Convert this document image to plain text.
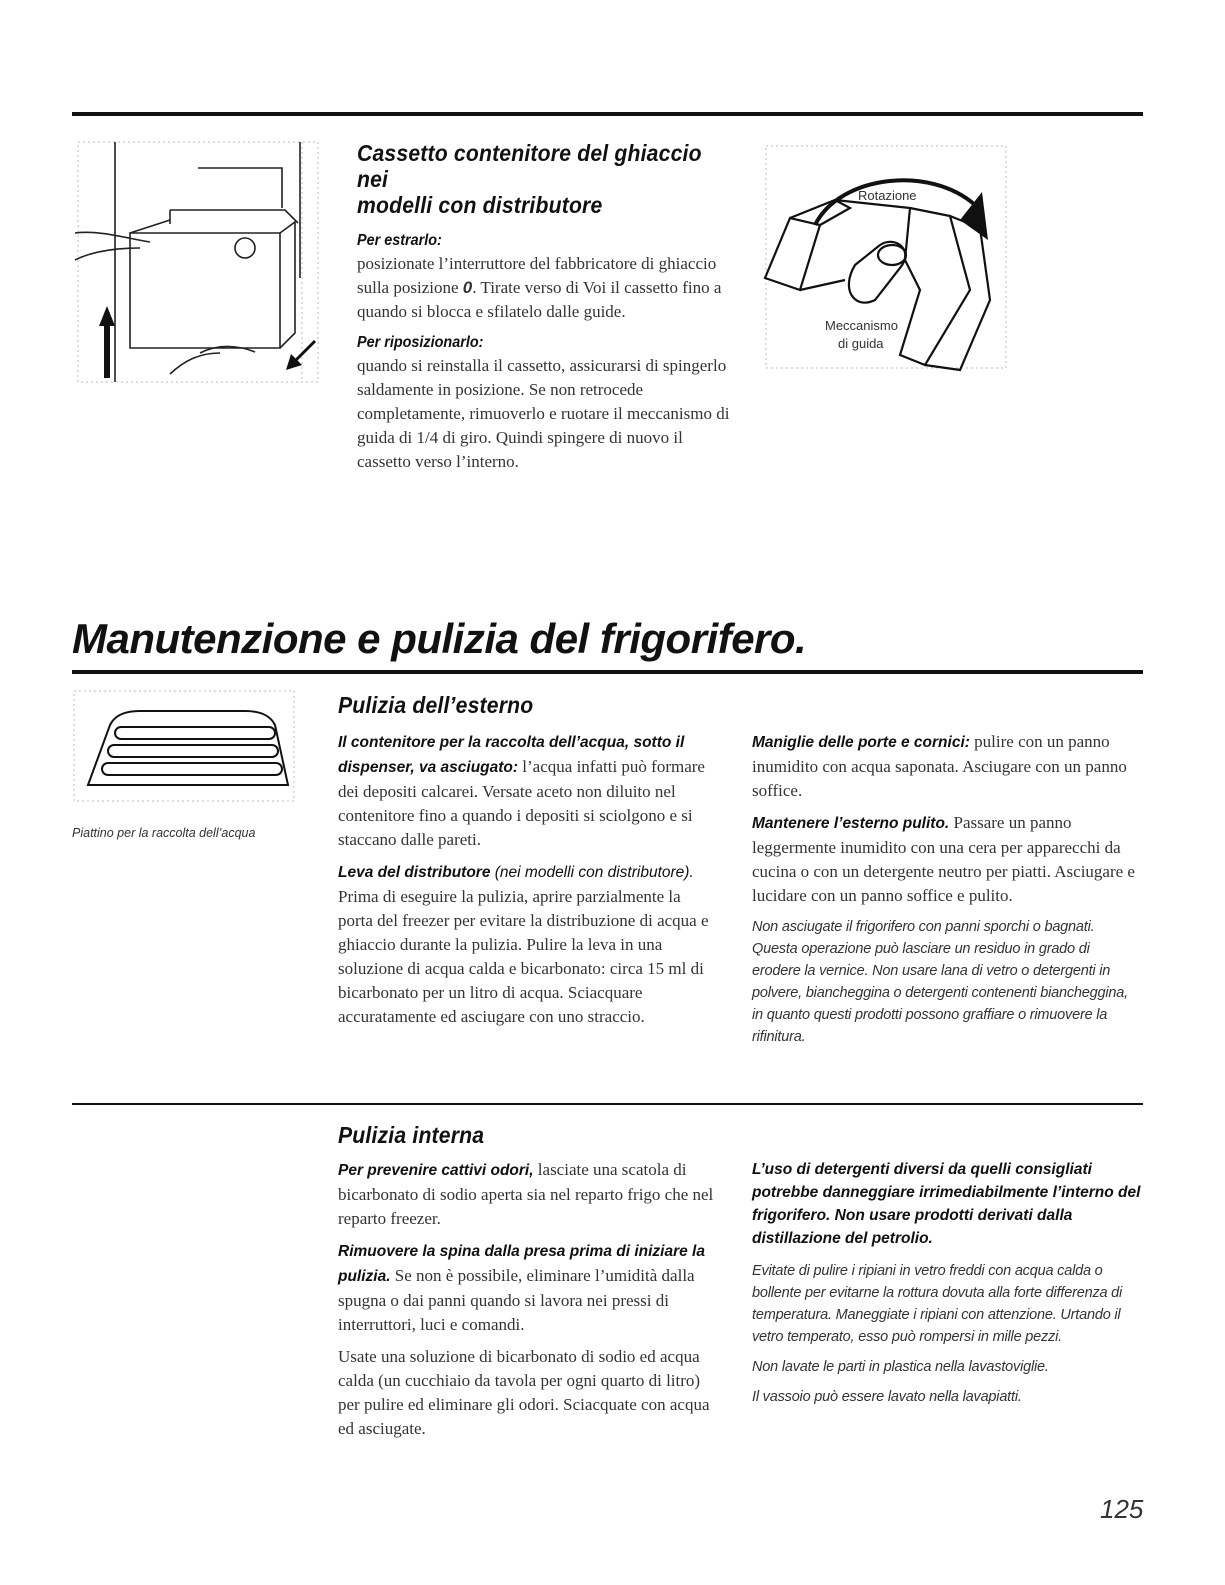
Cassetto contenitore del ghiaccio nei

modelli con distributore

Per estrarlo:

posizionate l’interruttore del fabbricatore di ghiaccio sulla posizione 0. Tirate verso di Voi il cassetto fino a quando si blocca e sfilatelo dalle guide.

Per riposizionarlo:

quando si reinstalla il cassetto, assicurarsi di spingerlo saldamente in posizione. Se non retrocede completamente, rimuoverlo e ruotare il meccanismo di guida di 1/4 di giro. Quindi spingere di nuovo il cassetto verso l’interno.

Rotazione
Meccanismo
di guida
Manutenzione e pulizia del frigorifero.
Piattino per la raccolta dell’acqua

Pulizia dell’esterno

Il contenitore per la raccolta dell’acqua, sotto il dispenser, va asciugato: l’acqua infatti può formare dei depositi calcarei. Versate aceto non diluito nel contenitore fino a quando i depositi si sciolgono e si staccano dalle pareti.

Leva del distributore (nei modelli con distributore). Prima di eseguire la pulizia, aprire parzialmente la porta del freezer per evitare la distribuzione di acqua e ghiaccio durante la pulizia. Pulire la leva in una soluzione di acqua calda e bicarbonato: circa 15 ml di bicarbonato per un litro di acqua. Sciacquare accuratamente ed asciugare con uno straccio.

Maniglie delle porte e cornici: pulire con un panno inumidito con acqua saponata. Asciugare con un panno soffice.

Mantenere l’esterno pulito. Passare un panno leggermente inumidito con una cera per apparecchi da cucina o con un detergente neutro per piatti. Asciugare e lucidare con un panno soffice e pulito.

Non asciugate il frigorifero con panni sporchi o bagnati. Questa operazione può lasciare un residuo in grado di erodere la vernice. Non usare lana di vetro o detergenti in polvere, biancheggina o detergenti contenenti biancheggina, in quanto questi prodotti possono graffiare o rimuovere la rifinitura.

Pulizia interna

Per prevenire cattivi odori, lasciate una scatola di bicarbonato di sodio aperta sia nel reparto frigo che nel reparto freezer.

Rimuovere la spina dalla presa prima di iniziare la pulizia. Se non è possibile, eliminare l’umidità dalla spugna o dai panni quando si lavora nei pressi di interruttori, luci e comandi.

Usate una soluzione di bicarbonato di sodio ed acqua calda (un cucchiaio da tavola per ogni quarto di litro) per pulire ed eliminare gli odori. Sciacquate con acqua ed asciugate.

L’uso di detergenti diversi da quelli consigliati potrebbe danneggiare irrimediabilmente l’interno del frigorifero. Non usare prodotti derivati dalla distillazione del petrolio.

Evitate di pulire i ripiani in vetro freddi con acqua calda o bollente per evitarne la rottura dovuta alla forte differenza di temperatura. Maneggiate i ripiani con attenzione. Urtando il vetro temperato, esso può rompersi in mille pezzi.

Non lavate le parti in plastica nella lavastoviglie.

Il vassoio può essere lavato nella lavapiatti.

125
